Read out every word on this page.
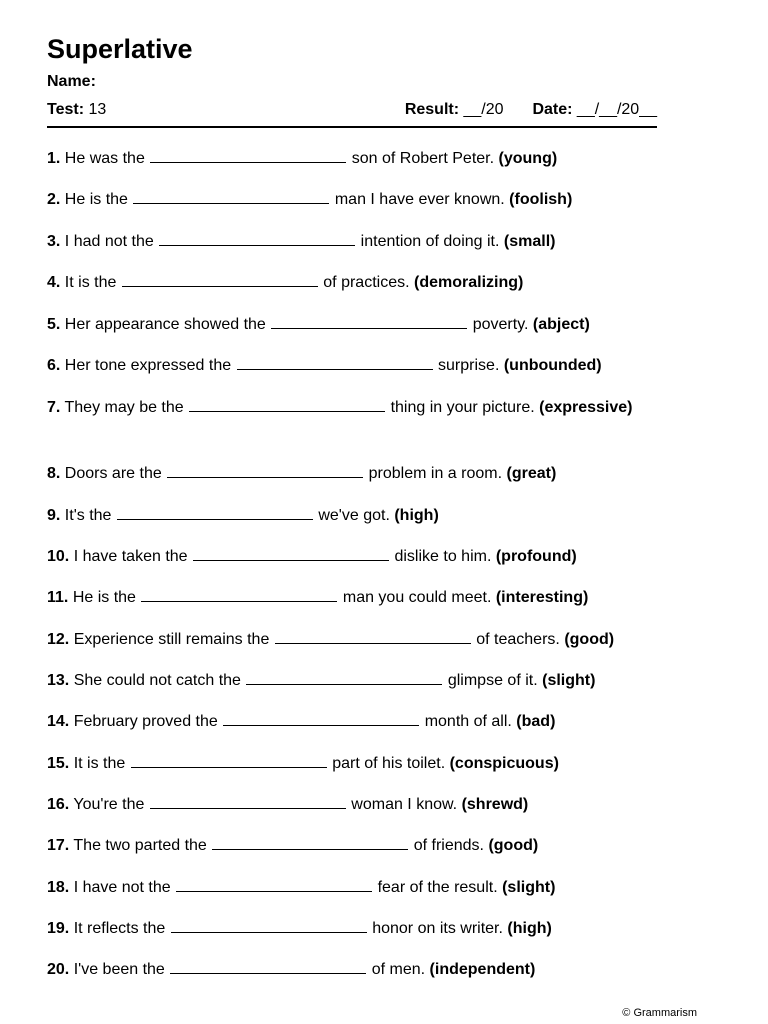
Superlative
Name:
Test: 13	Result: __/20 Date: __/__/20__
1. He was the	son of Robert Peter. (young)
2. He is the	man I have ever known. (foolish)
3. I had not the	intention of doing it. (small)
4. It is the	of practices. (demoralizing)
5. Her appearance showed the	poverty. (abject)
6. Her tone expressed the	surprise. (unbounded)
7. They may be the	thing in your picture. (expressive)
8. Doors are the	problem in a room. (great)
9. It's the	we've got. (high)
10. I have taken the	dislike to him. (profound)
11. He is the	man you could meet. (interesting)
12. Experience still remains the	of teachers. (good)
13. She could not catch the	glimpse of it. (slight)
14. February proved the	month of all. (bad)
15. It is the	part of his toilet. (conspicuous)
16. You're the	woman I know. (shrewd)
17. The two parted the	of friends. (good)
18. I have not the	fear of the result. (slight)
19. It reflects the	honor on its writer. (high)
20. I've been the	of men. (independent)
© Grammarism
